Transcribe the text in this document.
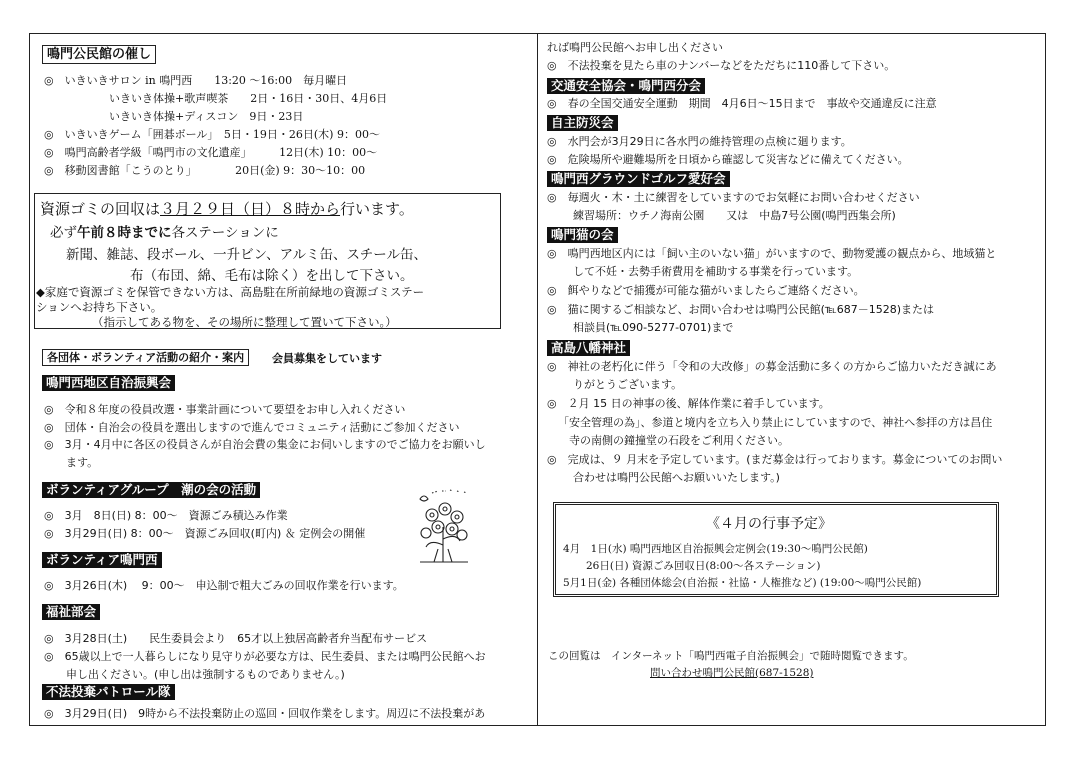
鳴門公民館の催し
◎　いきいきサロン in 鳴門西　　13:20 〜16:00　毎月曜日
いきいき体操+歌声喫茶　　2日・16日・30日、4月6日
いきいき体操+ディスコン　9日・23日
◎　いきいきゲーム「囲碁ボール」　5日・19日・26日(木) 9：00〜
◎　鳴門高齢者学級「鳴門市の文化遺産」　　　12日(木) 10：00〜
◎　移動図書館「こうのとり」　　　　20日(金) 9：30〜10：00
資源ゴミの回収は３月２９日（日）８時から行います。
必ず午前８時までに各ステーションに
新聞、雑誌、段ボール、一升ビン、アルミ缶、スチール缶、
布（布団、綿、毛布は除く）を出して下さい。
◆家庭で資源ゴミを保管できない方は、高島駐在所前緑地の資源ゴミステー
ションへお持ち下さい。
（指示してある物を、その場所に整理して置いて下さい。）
各団体・ボランティア活動の紹介・案内	会員募集をしています
鳴門西地区自治振興会
◎　令和８年度の役員改選・事業計画について要望をお申し入れください
◎　団体・自治会の役員を選出しますので進んでコミュニティ活動にご参加ください
◎　3月・4月中に各区の役員さんが自治会費の集金にお伺いしますのでご協力をお願いし
ます。
ボランティアグループ　潮の会の活動
◎　3月　8日(日) 8：00〜　資源ごみ積込み作業
◎　3月29日(日) 8：00〜　資源ごみ回収(町内) ＆ 定例会の開催
ボランティア鳴門西
◎　3月26日(木)　 9：00〜　申込制で粗大ごみの回収作業を行います。
福祉部会
◎　3月28日(土)　　民生委員会より　65才以上独居高齢者弁当配布サービス
◎　65歳以上で一人暮らしになり見守りが必要な方は、民生委員、または鳴門公民館へお
申し出ください。(申し出は強制するものでありません。)
不法投棄パトロール隊
◎　3月29日(日)　9時から不法投棄防止の巡回・回収作業をします。周辺に不法投棄があ
れば鳴門公民館へお申し出ください
◎　不法投棄を見たら車のナンバーなどをただちに110番して下さい。
交通安全協会・鳴門西分会
◎　春の全国交通安全運動　期間　4月6日〜15日まで　事故や交通違反に注意
自主防災会
◎　水門会が3月29日に各水門の維持管理の点検に廻ります。
◎　危険場所や避難場所を日頃から確認して災害などに備えてください。
鳴門西グラウンドゴルフ愛好会
◎　毎週火・木・土に練習をしていますのでお気軽にお問い合わせください
練習場所：ウチノ海南公園　　又は　中島7号公園(鳴門西集会所)
鳴門猫の会
◎　鳴門西地区内には「飼い主のいない猫」がいますので、動物愛護の観点から、地域猫と
して不妊・去勢手術費用を補助する事業を行っています。
◎　餌やりなどで捕獲が可能な猫がいましたらご連絡ください。
◎　猫に関するご相談など、お問い合わせは鳴門公民館(℡687－1528)または
相談員(℡090-5277-0701)まで
高島八幡神社
◎　神社の老朽化に伴う「令和の大改修」の募金活動に多くの方からご協力いただき誠にあ
りがとうございます。
◎　２月 15 日の神事の後、解体作業に着手しています。
「安全管理の為」、参道と境内を立ち入り禁止にしていますので、神社へ参拝の方は昌住
寺の南側の鐘撞堂の石段をご利用ください。
◎　完成は、９ 月末を予定しています。(まだ募金は行っております。募金についてのお問い
合わせは鳴門公民館へお願いいたします。)
《４月の行事予定》
4月　1日(水) 鳴門西地区自治振興会定例会(19:30〜鳴門公民館)
26日(日) 資源ごみ回収日(8:00〜各ステーション)
5月1日(金) 各種団体総会(自治振・社協・人権推など) (19:00〜鳴門公民館)
この回覧は　インターネット「鳴門西電子自治振興会」で随時閲覧できます。
問い合わせ鳴門公民館(687-1528)
